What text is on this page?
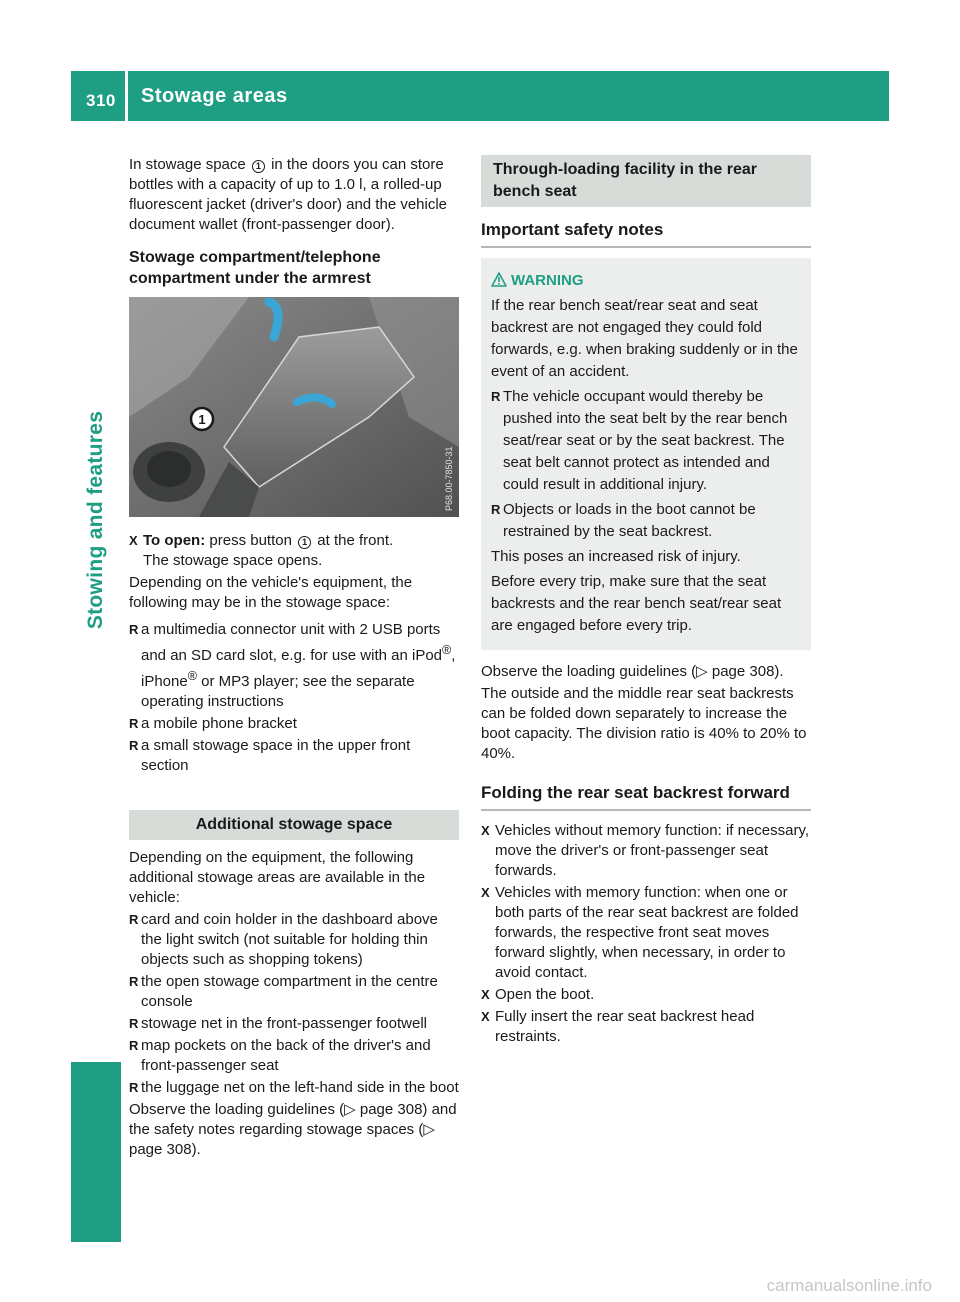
310 Stowage areas
Stowing and features

In stowage space 1 in the doors you can store bottles with a capacity of up to 1.0 l, a rolled-up fluorescent jacket (driver's door) and the vehicle document wallet (front-passenger door).

Stowage compartment/telephone compartment under the armrest
1
P68.00-7850-31
X To open: press button 1 at the front.
The stowage space opens.

Depending on the vehicle's equipment, the following may be in the stowage space:

R a multimedia connector unit with 2 USB ports and an SD card slot, e.g. for use with an iPod®, iPhone® or MP3 player; see the separate operating instructions
R a mobile phone bracket
R a small stowage space in the upper front section
Additional stowage space

Depending on the equipment, the following additional stowage areas are available in the vehicle:

R card and coin holder in the dashboard above the light switch (not suitable for holding thin objects such as shopping tokens)
R the open stowage compartment in the centre console
R stowage net in the front-passenger footwell
R map pockets on the back of the driver's and front-passenger seat
R the luggage net on the left-hand side in the boot

Observe the loading guidelines (▷ page 308) and the safety notes regarding stowage spaces (▷ page 308).

Through-loading facility in the rear bench seat
Important safety notes
WARNING

If the rear bench seat/rear seat and seat backrest are not engaged they could fold forwards, e.g. when braking suddenly or in the event of an accident.

R The vehicle occupant would thereby be pushed into the seat belt by the rear bench seat/rear seat or by the seat backrest. The seat belt cannot protect as intended and could result in additional injury.
R Objects or loads in the boot cannot be restrained by the seat backrest.

This poses an increased risk of injury.

Before every trip, make sure that the seat backrests and the rear bench seat/rear seat are engaged before every trip.

Observe the loading guidelines (▷ page 308).

The outside and the middle rear seat backrests can be folded down separately to increase the boot capacity. The division ratio is 40% to 20% to 40%.

Folding the rear seat backrest forward
X Vehicles without memory function: if necessary, move the driver's or front-passenger seat forwards.
X Vehicles with memory function: when one or both parts of the rear seat backrest are folded forwards, the respective front seat moves forward slightly, when necessary, in order to avoid contact.
X Open the boot.
X Fully insert the rear seat backrest head restraints.
carmanualsonline.info
